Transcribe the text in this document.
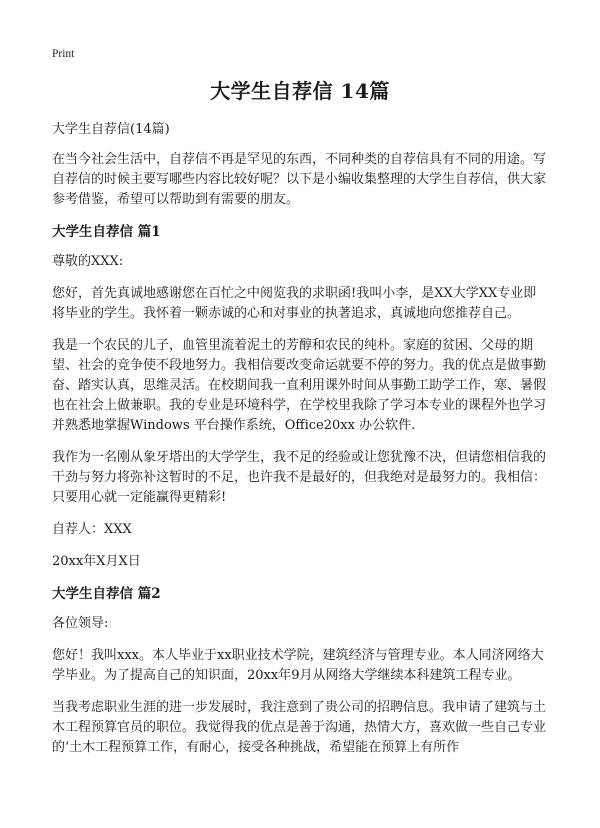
Print
大学生自荐信 14篇
大学生自荐信(14篇)
在当今社会生活中，自荐信不再是罕见的东西，不同种类的自荐信具有不同的用途。写自荐信的时候主要写哪些内容比较好呢？以下是小编收集整理的大学生自荐信，供大家参考借鉴，希望可以帮助到有需要的朋友。
大学生自荐信 篇1
尊敬的XXX:
您好，首先真诚地感谢您在百忙之中阅览我的求职函!我叫小李，是XX大学XX专业即将毕业的学生。我怀着一颗赤诚的心和对事业的执著追求，真诚地向您推荐自己。
我是一个农民的儿子，血管里流着泥土的芳醇和农民的纯朴。家庭的贫困、父母的期望、社会的竞争使不段地努力。我相信要改变命运就要不停的努力。我的优点是做事勤奋、踏实认真，思维灵活。在校期间我一直利用课外时间从事勤工助学工作，寒、暑假也在社会上做兼职。我的专业是环境科学，在学校里我除了学习本专业的课程外也学习并熟悉地掌握Windows 平台操作系统，Office20xx 办公软件.
我作为一名刚从象牙塔出的大学学生，我不足的经验或让您犹豫不决，但请您相信我的干劲与努力将弥补这暂时的不足，也许我不是最好的，但我绝对是最努力的。我相信：只要用心就一定能赢得更精彩!
自荐人：XXX
20xx年X月X日
大学生自荐信 篇2
各位领导:
您好！我叫xxx。本人毕业于xx职业技术学院，建筑经济与管理专业。本人同济网络大学毕业。为了提高自己的知识面，20xx年9月从网络大学继续本科建筑工程专业。
当我考虑职业生涯的进一步发展时，我注意到了贵公司的招聘信息。我申请了建筑与土木工程预算官员的职位。我觉得我的优点是善于沟通，热情大方，喜欢做一些自己专业的‘土木工程预算工作，有耐心，接受各种挑战，希望能在预算上有所作
